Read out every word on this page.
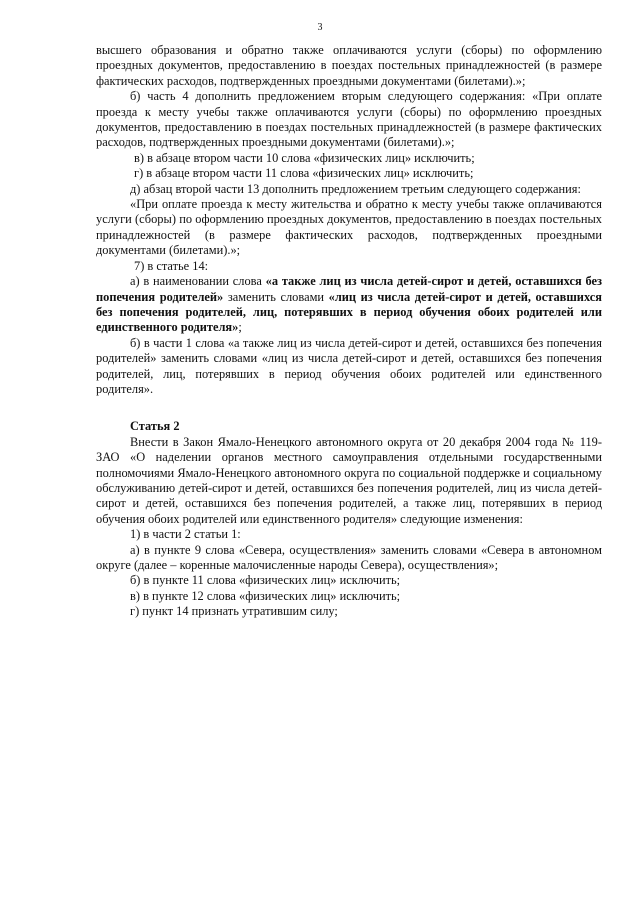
3

высшего образования и обратно также оплачиваются услуги (сборы) по оформлению проездных документов, предоставлению в поездах постельных принадлежностей (в размере фактических расходов, подтвержденных проездными документами (билетами).»;

б) часть 4 дополнить предложением вторым следующего содержания: «При оплате проезда к месту учебы также оплачиваются услуги (сборы) по оформлению проездных документов, предоставлению в поездах постельных принадлежностей (в размере фактических расходов, подтвержденных проездными документами (билетами).»;

в) в абзаце втором части 10 слова «физических лиц» исключить;

г) в абзаце втором части 11 слова «физических лиц» исключить;

д) абзац второй части 13 дополнить предложением третьим следующего содержания:

«При оплате проезда к месту жительства и обратно к месту учебы также оплачиваются услуги (сборы) по оформлению проездных документов, предоставлению в поездах постельных принадлежностей (в размере фактических расходов, подтвержденных проездными документами (билетами).»;

7) в статье 14:

а) в наименовании слова «а также лиц из числа детей-сирот и детей, оставшихся без попечения родителей» заменить словами «лиц из числа детей-сирот и детей, оставшихся без попечения родителей, лиц, потерявших в период обучения обоих родителей или единственного родителя»;

б) в части 1 слова «а также лиц из числа детей-сирот и детей, оставшихся без попечения родителей» заменить словами «лиц из числа детей-сирот и детей, оставшихся без попечения родителей, лиц, потерявших в период обучения обоих родителей или единственного родителя».

Статья 2

Внести в Закон Ямало-Ненецкого автономного округа от 20 декабря 2004 года № 119-ЗАО «О наделении органов местного самоуправления отдельными государственными полномочиями Ямало-Ненецкого автономного округа по социальной поддержке и социальному обслуживанию детей-сирот и детей, оставшихся без попечения родителей, лиц из числа детей-сирот и детей, оставшихся без попечения родителей, а также лиц, потерявших в период обучения обоих родителей или единственного родителя» следующие изменения:

1) в части 2 статьи 1:

а) в пункте 9 слова «Севера, осуществления» заменить словами «Севера в автономном округе (далее – коренные малочисленные народы Севера), осуществления»;

б) в пункте 11 слова «физических лиц» исключить;

в) в пункте 12 слова «физических лиц» исключить;

г) пункт 14 признать утратившим силу;
